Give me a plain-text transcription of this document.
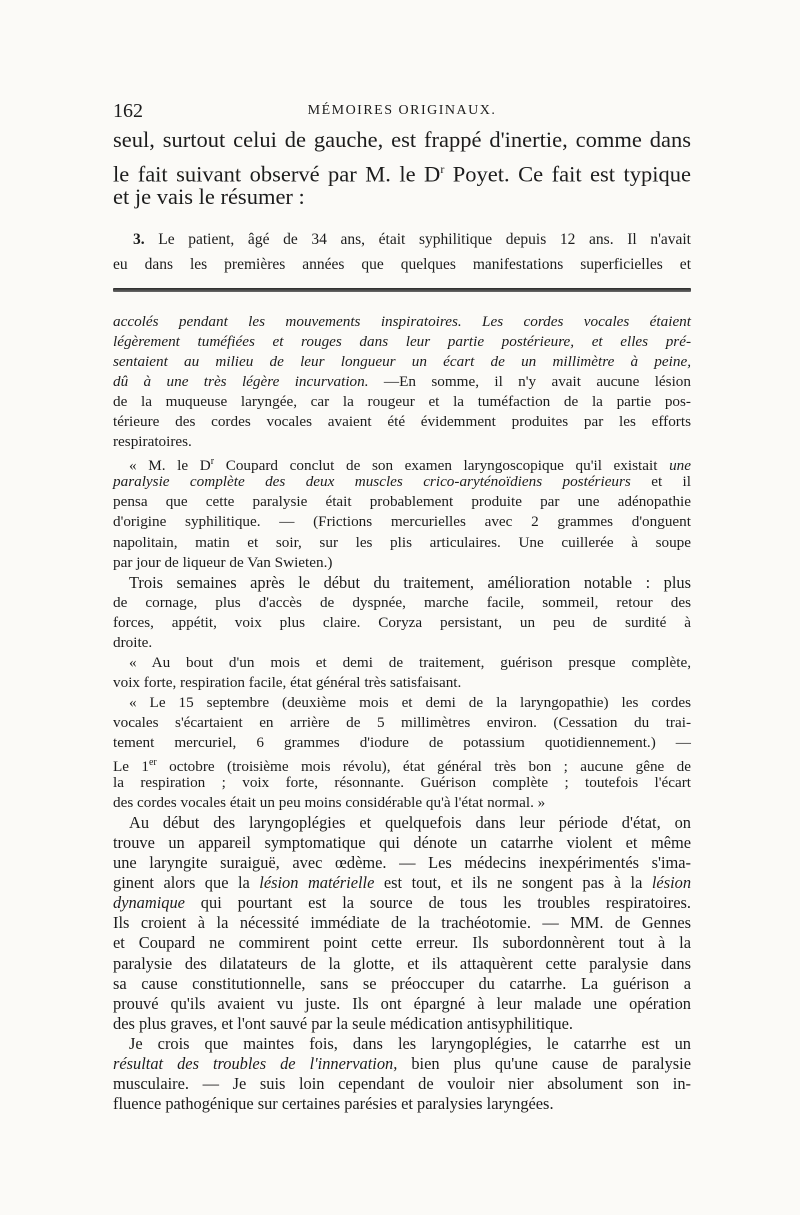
162	MÉMOIRES ORIGINAUX.
seul, surtout celui de gauche, est frappé d'inertie, comme dans
le fait suivant observé par M. le $D^r$ Poyet. Ce fait est typique
et je vais le résumer :
3. Le patient, âgé de 34 ans, était syphilitique depuis 12 ans. Il n'avait
eu dans les premières années que quelques manifestations superficielles et
accolés pendant les mouvements inspiratoires. Les cordes vocales étaient
légèrement tuméfiées et rouges dans leur partie postérieure, et elles pré-
sentaient au milieu de leur longueur un écart de un millimètre à peine,
dû à une très légère incurvation. —En somme, il n'y avait aucune lésion
de la muqueuse laryngée, car la rougeur et la tuméfaction de la partie pos-
térieure des cordes vocales avaient été évidemment produites par les efforts
respiratoires.
« M. le $D^r$ Coupard conclut de son examen laryngoscopique qu'il existait une
paralysie complète des deux muscles crico-aryténoïdiens postérieurs et il
pensa que cette paralysie était probablement produite par une adénopathie
d'origine syphilitique. — (Frictions mercurielles avec 2 grammes d'onguent
napolitain, matin et soir, sur les plis articulaires. Une cuillerée à soupe
par jour de liqueur de Van Swieten.)
Trois semaines après le début du traitement, amélioration notable : plus
de cornage, plus d'accès de dyspnée, marche facile, sommeil, retour des
forces, appétit, voix plus claire. Coryza persistant, un peu de surdité à
droite.
« Au bout d'un mois et demi de traitement, guérison presque complète,
voix forte, respiration facile, état général très satisfaisant.
« Le 15 septembre (deuxième mois et demi de la laryngopathie) les cordes
vocales s'écartaient en arrière de 5 millimètres environ. (Cessation du trai-
tement mercuriel, 6 grammes d'iodure de potassium quotidiennement.) —
Le 1er octobre (troisième mois révolu), état général très bon ; aucune gêne de
la respiration ; voix forte, résonnante. Guérison complète ; toutefois l'écart
des cordes vocales était un peu moins considérable qu'à l'état normal. »
Au début des laryngoplégies et quelquefois dans leur période d'état, on
trouve un appareil symptomatique qui dénote un catarrhe violent et même
une laryngite suraiguë, avec œdème. — Les médecins inexpérimentés s'ima-
ginent alors que la lésion matérielle est tout, et ils ne songent pas à la lésion
dynamique qui pourtant est la source de tous les troubles respiratoires.
Ils croient à la nécessité immédiate de la trachéotomie. — MM. de Gennes
et Coupard ne commirent point cette erreur. Ils subordonnèrent tout à la
paralysie des dilatateurs de la glotte, et ils attaquèrent cette paralysie dans
sa cause constitutionnelle, sans se préoccuper du catarrhe. La guérison a
prouvé qu'ils avaient vu juste. Ils ont épargné à leur malade une opération
des plus graves, et l'ont sauvé par la seule médication antisyphilitique.
Je crois que maintes fois, dans les laryngoplégies, le catarrhe est un
résultat des troubles de l'innervation, bien plus qu'une cause de paralysie
musculaire. — Je suis loin cependant de vouloir nier absolument son in-
fluence pathogénique sur certaines parésies et paralysies laryngées.
